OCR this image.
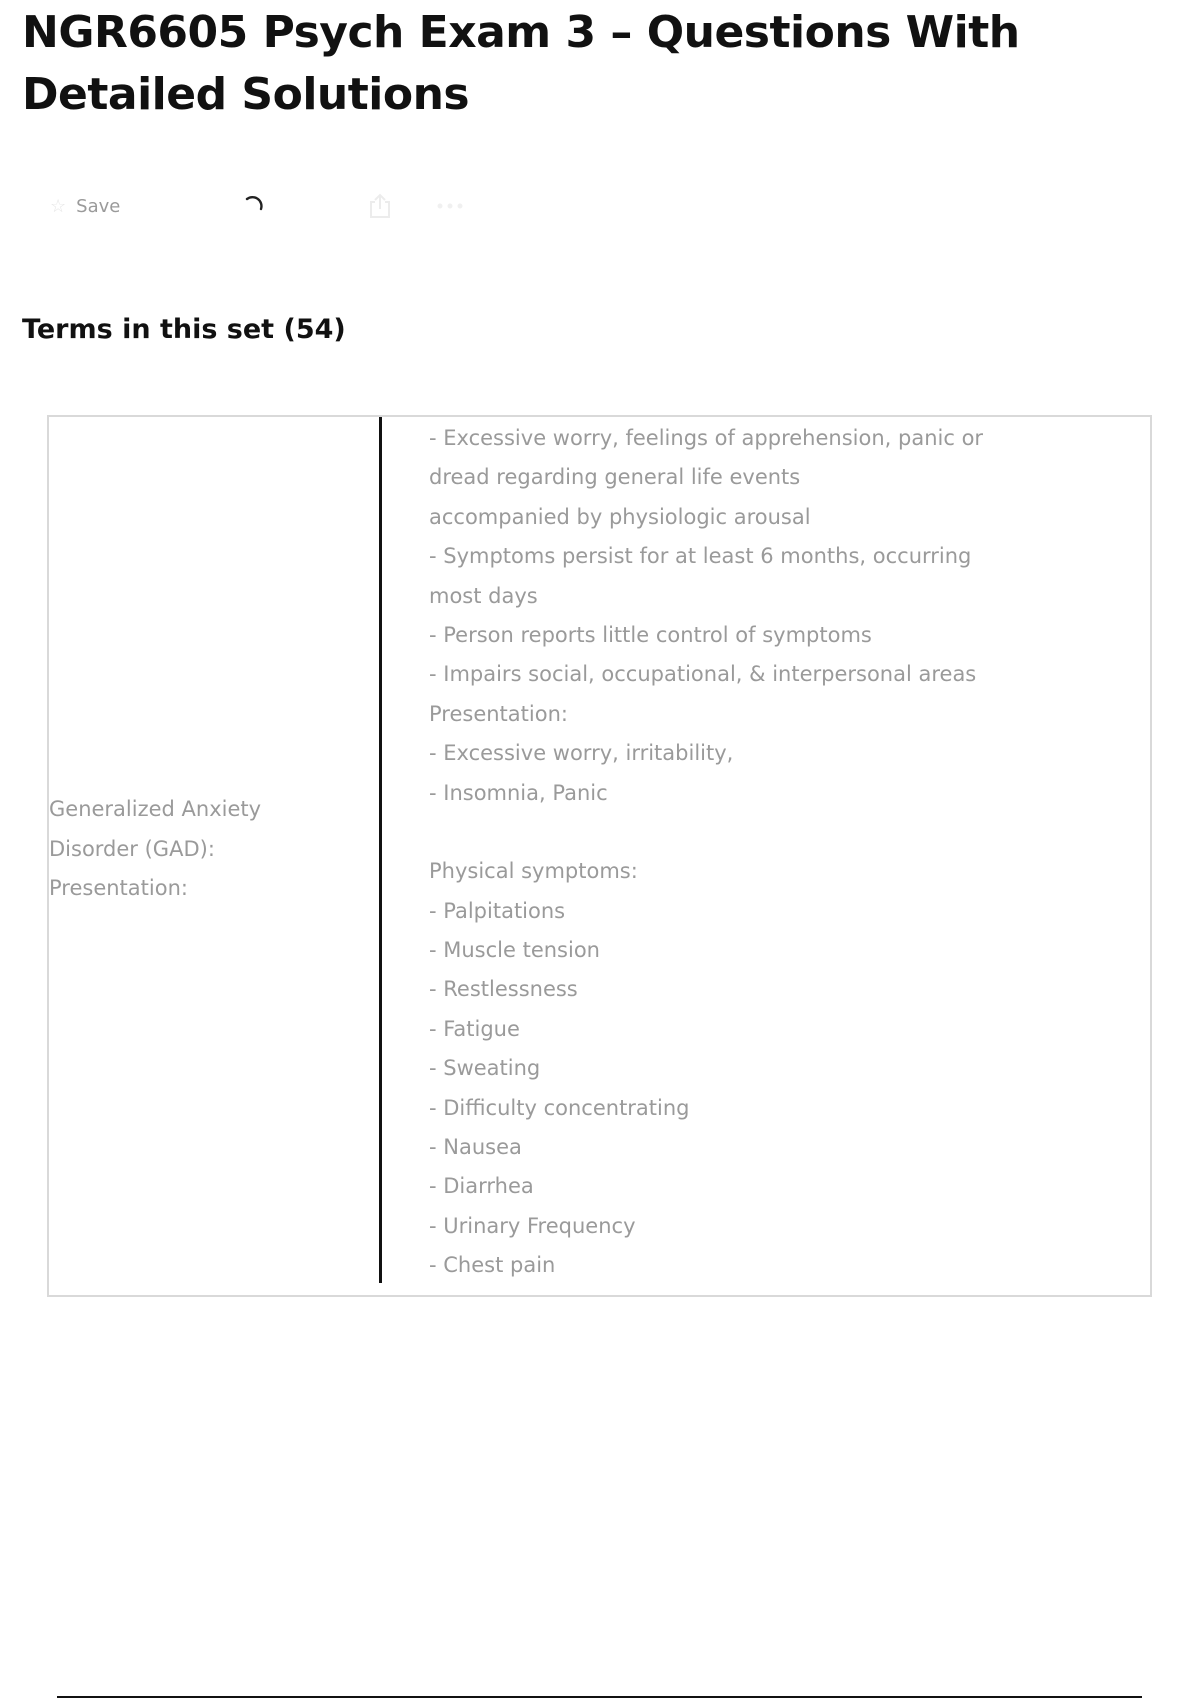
NGR6605 Psych Exam 3 – Questions With Detailed Solutions
☆ Save
Terms in this set (54)
Generalized Anxiety
Disorder (GAD):
Presentation:
- Excessive worry, feelings of apprehension, panic or
dread regarding general life events
accompanied by physiologic arousal
- Symptoms persist for at least 6 months, occurring
most days
- Person reports little control of symptoms
- Impairs social, occupational, & interpersonal areas
Presentation:
- Excessive worry, irritability,
- Insomnia, Panic
Physical symptoms:
- Palpitations
- Muscle tension
- Restlessness
- Fatigue
- Sweating
- Difficulty concentrating
- Nausea
- Diarrhea
- Urinary Frequency
- Chest pain
